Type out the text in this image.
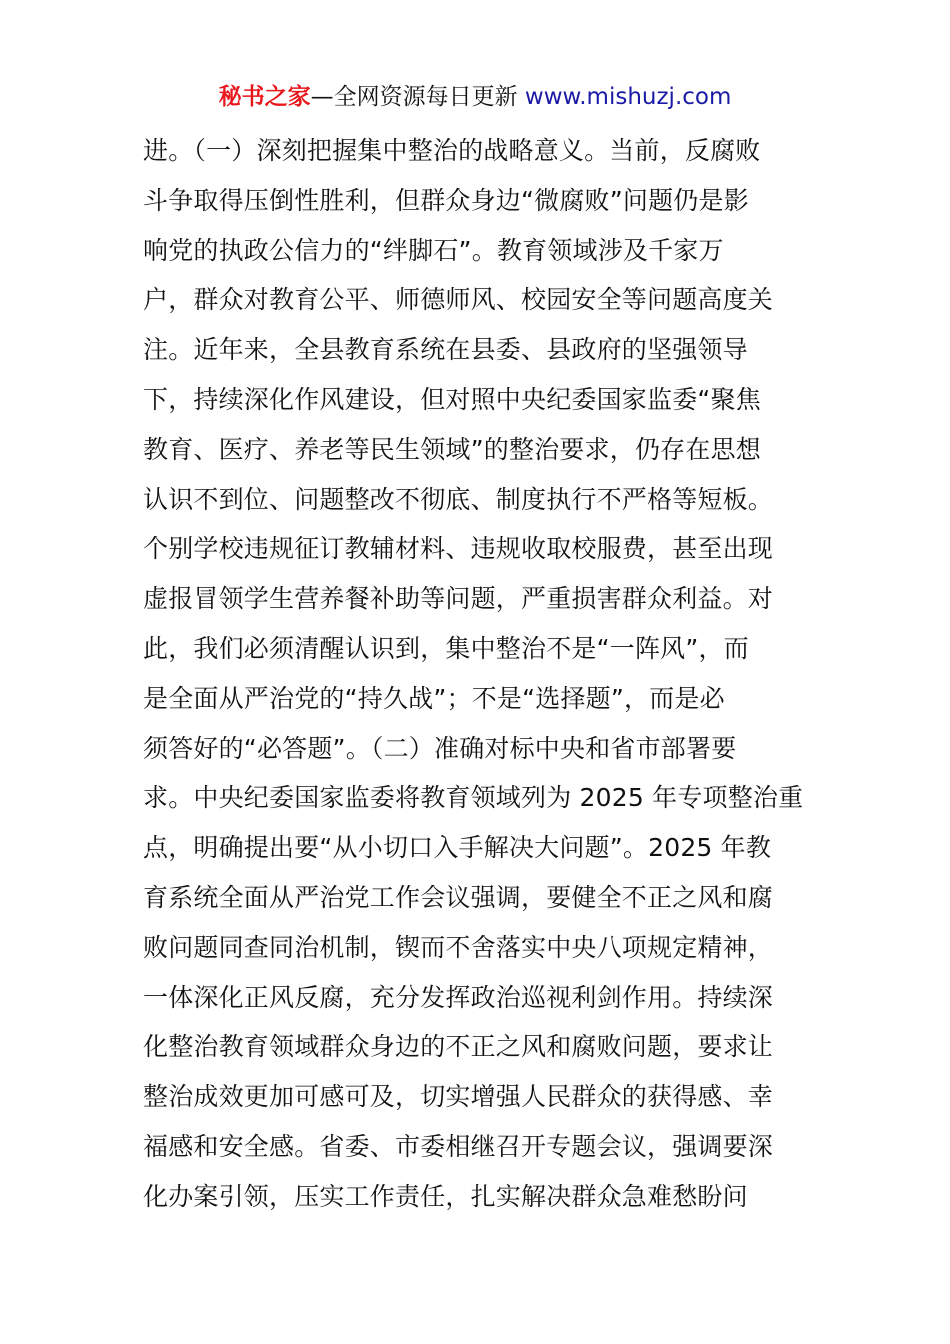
秘书之家—全网资源每日更新 www.mishuzj.com
进。（一）深刻把握集中整治的战略意义。当前，反腐败
斗争取得压倒性胜利，但群众身边“微腐败”问题仍是影
响党的执政公信力的“绊脚石”。教育领域涉及千家万
户，群众对教育公平、师德师风、校园安全等问题高度关
注。近年来，全县教育系统在县委、县政府的坚强领导
下，持续深化作风建设，但对照中央纪委国家监委“聚焦
教育、医疗、养老等民生领域”的整治要求，仍存在思想
认识不到位、问题整改不彻底、制度执行不严格等短板。
个别学校违规征订教辅材料、违规收取校服费，甚至出现
虚报冒领学生营养餐补助等问题，严重损害群众利益。对
此，我们必须清醒认识到，集中整治不是“一阵风”，而
是全面从严治党的“持久战”；不是“选择题”，而是必
须答好的“必答题”。（二）准确对标中央和省市部署要
求。中央纪委国家监委将教育领域列为 2025 年专项整治重
点，明确提出要“从小切口入手解决大问题”。2025 年教
育系统全面从严治党工作会议强调，要健全不正之风和腐
败问题同查同治机制，锲而不舍落实中央八项规定精神，
一体深化正风反腐，充分发挥政治巡视利剑作用。持续深
化整治教育领域群众身边的不正之风和腐败问题，要求让
整治成效更加可感可及，切实增强人民群众的获得感、幸
福感和安全感。省委、市委相继召开专题会议，强调要深
化办案引领，压实工作责任，扎实解决群众急难愁盼问
